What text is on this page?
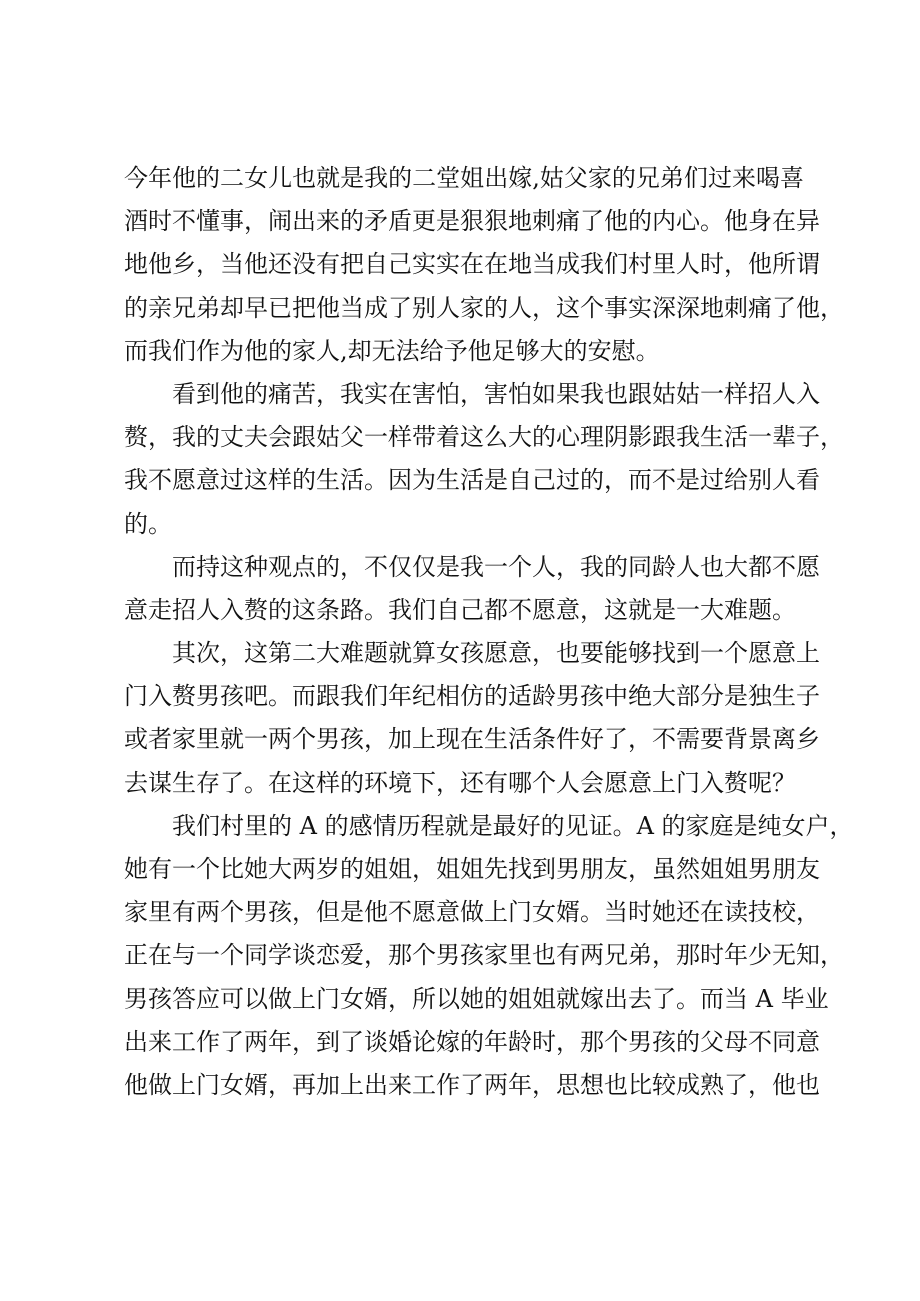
今年他的二女儿也就是我的二堂姐出嫁,姑父家的兄弟们过来喝喜
酒时不懂事，闹出来的矛盾更是狠狠地刺痛了他的内心。他身在异
地他乡，当他还没有把自己实实在在地当成我们村里人时，他所谓
的亲兄弟却早已把他当成了别人家的人，这个事实深深地刺痛了他，
而我们作为他的家人,却无法给予他足够大的安慰。
看到他的痛苦，我实在害怕，害怕如果我也跟姑姑一样招人入
赘，我的丈夫会跟姑父一样带着这么大的心理阴影跟我生活一辈子，
我不愿意过这样的生活。因为生活是自己过的，而不是过给别人看
的。
而持这种观点的，不仅仅是我一个人，我的同龄人也大都不愿
意走招人入赘的这条路。我们自己都不愿意，这就是一大难题。
其次，这第二大难题就算女孩愿意，也要能够找到一个愿意上
门入赘男孩吧。而跟我们年纪相仿的适龄男孩中绝大部分是独生子
或者家里就一两个男孩，加上现在生活条件好了，不需要背景离乡
去谋生存了。在这样的环境下，还有哪个人会愿意上门入赘呢？
我们村里的 A 的感情历程就是最好的见证。A 的家庭是纯女户，
她有一个比她大两岁的姐姐，姐姐先找到男朋友，虽然姐姐男朋友
家里有两个男孩，但是他不愿意做上门女婿。当时她还在读技校，
正在与一个同学谈恋爱，那个男孩家里也有两兄弟，那时年少无知，
男孩答应可以做上门女婿，所以她的姐姐就嫁出去了。而当 A 毕业
出来工作了两年，到了谈婚论嫁的年龄时，那个男孩的父母不同意
他做上门女婿，再加上出来工作了两年，思想也比较成熟了，他也
